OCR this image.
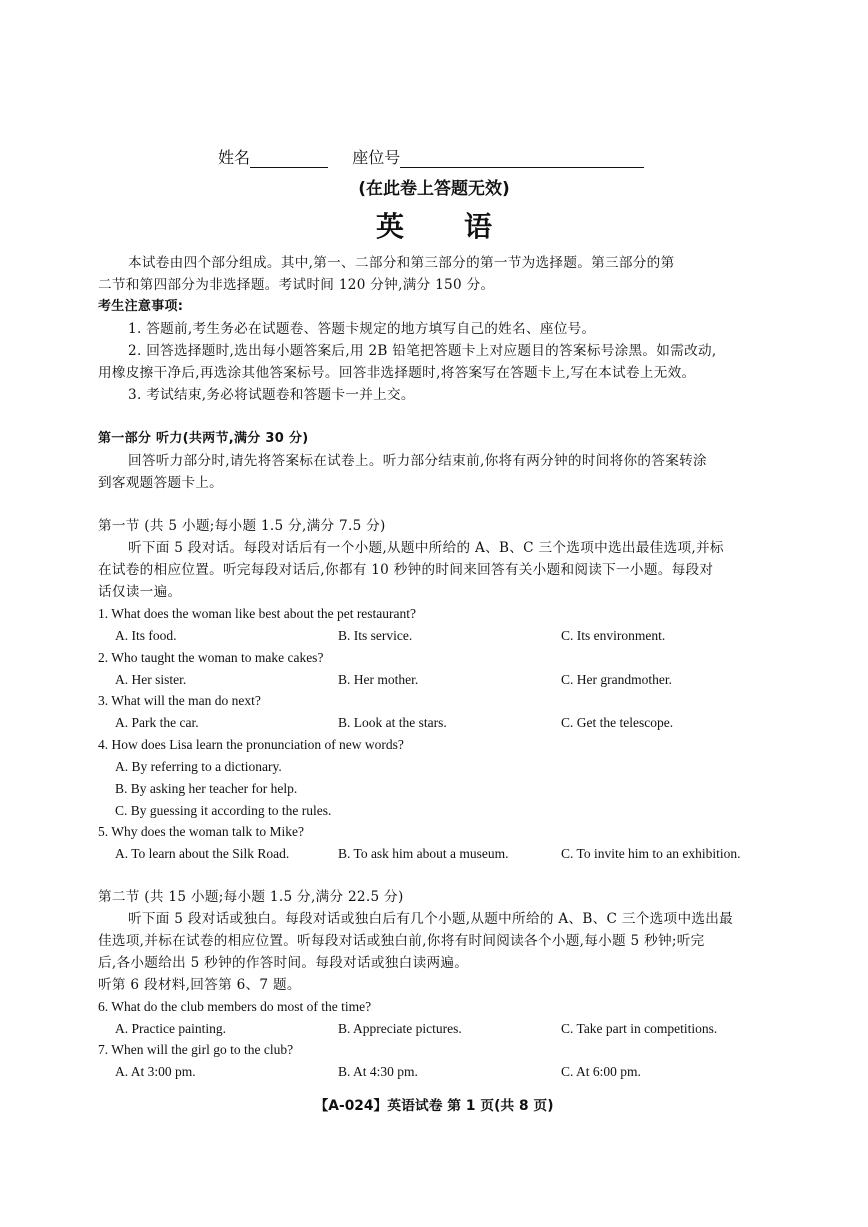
姓名	座位号
(在此卷上答题无效)
英语
本试卷由四个部分组成。其中,第一、二部分和第三部分的第一节为选择题。第三部分的第
二节和第四部分为非选择题。考试时间 120 分钟,满分 150 分。
考生注意事项:
1. 答题前,考生务必在试题卷、答题卡规定的地方填写自己的姓名、座位号。
2. 回答选择题时,选出每小题答案后,用 2B 铅笔把答题卡上对应题目的答案标号涂黑。如需改动,
用橡皮擦干净后,再选涂其他答案标号。回答非选择题时,将答案写在答题卡上,写在本试卷上无效。
3. 考试结束,务必将试题卷和答题卡一并上交。
第一部分 听力(共两节,满分 30 分)
回答听力部分时,请先将答案标在试卷上。听力部分结束前,你将有两分钟的时间将你的答案转涂
到客观题答题卡上。
第一节 (共 5 小题;每小题 1.5 分,满分 7.5 分)
听下面 5 段对话。每段对话后有一个小题,从题中所给的 A、B、C 三个选项中选出最佳选项,并标
在试卷的相应位置。听完每段对话后,你都有 10 秒钟的时间来回答有关小题和阅读下一小题。每段对
话仅读一遍。
1. What does the woman like best about the pet restaurant?
A. Its food.	B. Its service.	C. Its environment.
2. Who taught the woman to make cakes?
A. Her sister.	B. Her mother.	C. Her grandmother.
3. What will the man do next?
A. Park the car.	B. Look at the stars.	C. Get the telescope.
4. How does Lisa learn the pronunciation of new words?
A. By referring to a dictionary.
B. By asking her teacher for help.
C. By guessing it according to the rules.
5. Why does the woman talk to Mike?
A. To learn about the Silk Road.	B. To ask him about a museum.	C. To invite him to an exhibition.
第二节 (共 15 小题;每小题 1.5 分,满分 22.5 分)
听下面 5 段对话或独白。每段对话或独白后有几个小题,从题中所给的 A、B、C 三个选项中选出最
佳选项,并标在试卷的相应位置。听每段对话或独白前,你将有时间阅读各个小题,每小题 5 秒钟;听完
后,各小题给出 5 秒钟的作答时间。每段对话或独白读两遍。
听第 6 段材料,回答第 6、7 题。
6. What do the club members do most of the time?
A. Practice painting.	B. Appreciate pictures.	C. Take part in competitions.
7. When will the girl go to the club?
A. At 3:00 pm.	B. At 4:30 pm.	C. At 6:00 pm.
【A-024】英语试卷 第 1 页(共 8 页)
